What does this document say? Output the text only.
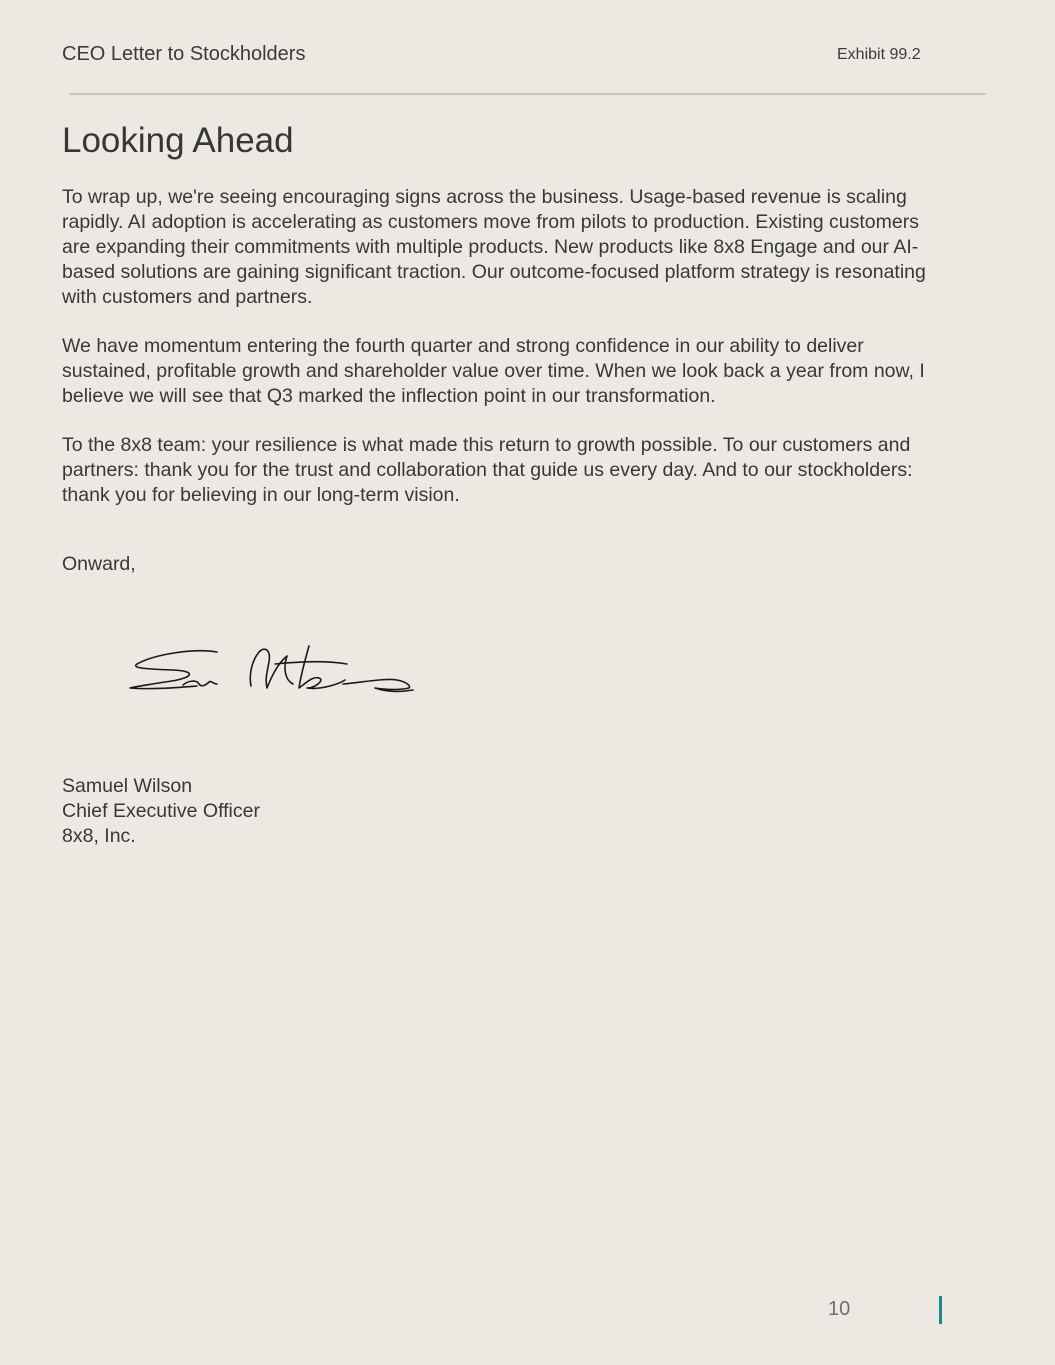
CEO Letter to Stockholders	Exhibit 99.2
Looking Ahead

To wrap up, we're seeing encouraging signs across the business. Usage-based revenue is scaling rapidly. AI adoption is accelerating as customers move from pilots to production. Existing customers are expanding their commitments with multiple products. New products like 8x8 Engage and our AI-based solutions are gaining significant traction. Our outcome-focused platform strategy is resonating with customers and partners.

We have momentum entering the fourth quarter and strong confidence in our ability to deliver sustained, profitable growth and shareholder value over time. When we look back a year from now, I believe we will see that Q3 marked the inflection point in our transformation.

To the 8x8 team: your resilience is what made this return to growth possible. To our customers and partners: thank you for the trust and collaboration that guide us every day. And to our stockholders: thank you for believing in our long-term vision.

Onward,
Samuel Wilson
Chief Executive Officer
8x8, Inc.
10
